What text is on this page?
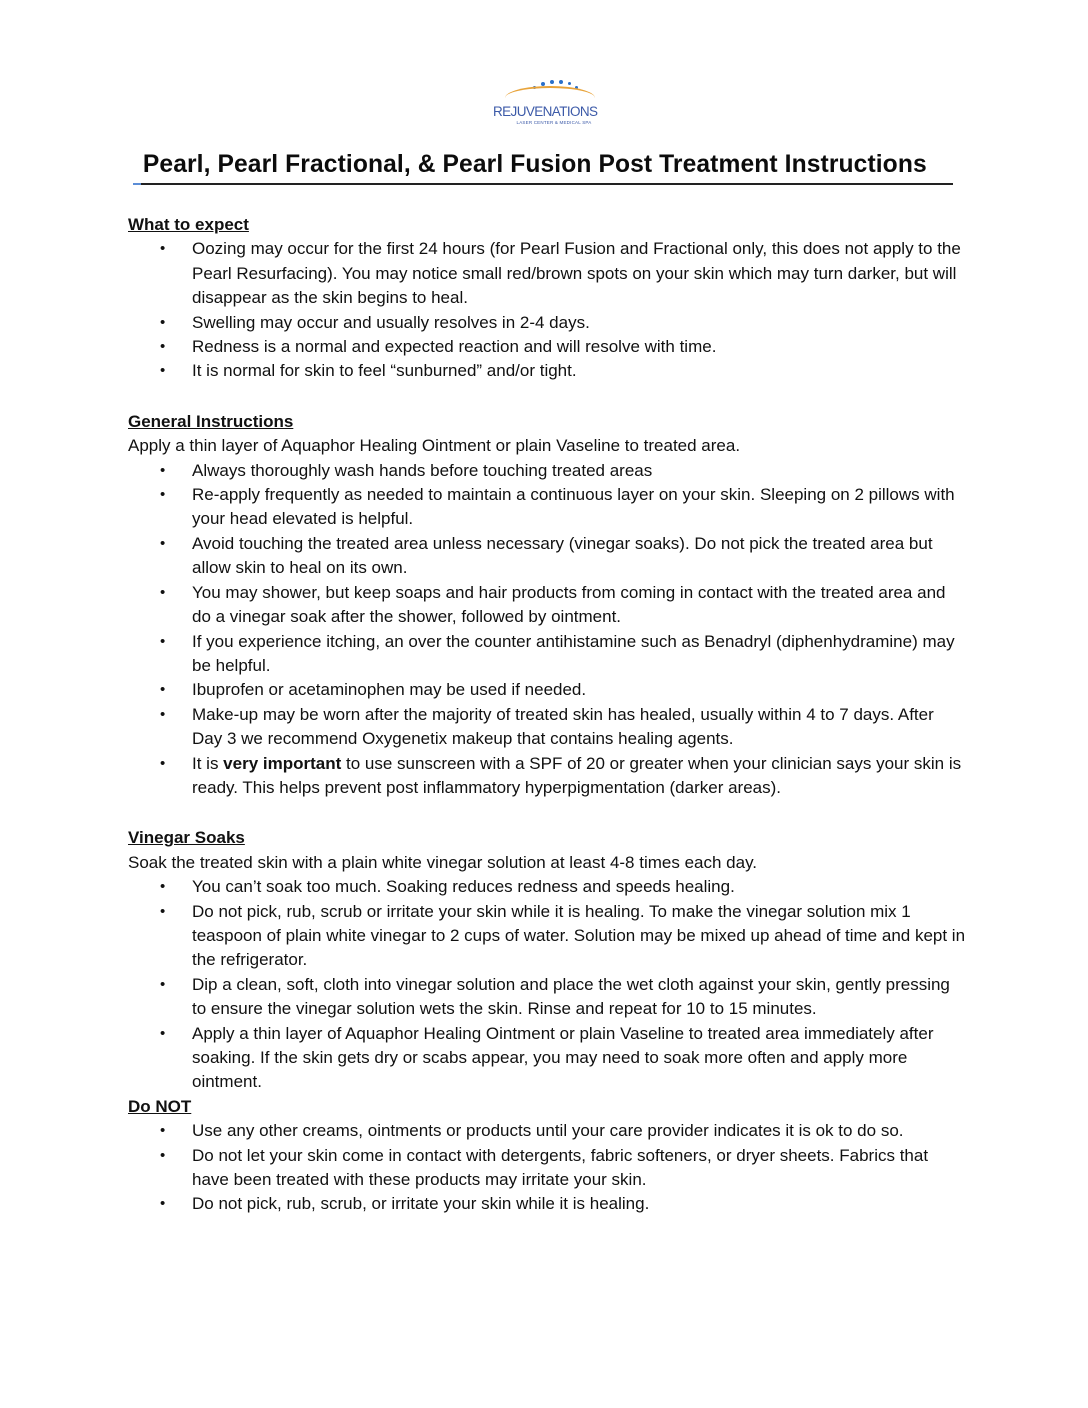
REJUVENATIONS
LASER CENTER & MEDICAL SPA
Pearl, Pearl Fractional, & Pearl Fusion Post Treatment Instructions

What to expect

• Oozing may occur for the first 24 hours (for Pearl Fusion and Fractional only, this does not apply to the Pearl Resurfacing). You may notice small red/brown spots on your skin which may turn darker, but will disappear as the skin begins to heal.
• Swelling may occur and usually resolves in 2-4 days.
• Redness is a normal and expected reaction and will resolve with time.
• It is normal for skin to feel “sunburned” and/or tight.

General Instructions

Apply a thin layer of Aquaphor Healing Ointment or plain Vaseline to treated area.

• Always thoroughly wash hands before touching treated areas
• Re-apply frequently as needed to maintain a continuous layer on your skin. Sleeping on 2 pillows with your head elevated is helpful.
• Avoid touching the treated area unless necessary (vinegar soaks). Do not pick the treated area but allow skin to heal on its own.
• You may shower, but keep soaps and hair products from coming in contact with the treated area and do a vinegar soak after the shower, followed by ointment.
• If you experience itching, an over the counter antihistamine such as Benadryl (diphenhydramine) may be helpful.
• Ibuprofen or acetaminophen may be used if needed.
• Make-up may be worn after the majority of treated skin has healed, usually within 4 to 7 days. After Day 3 we recommend Oxygenetix makeup that contains healing agents.
• It is very important to use sunscreen with a SPF of 20 or greater when your clinician says your skin is ready. This helps prevent post inflammatory hyperpigmentation (darker areas).

Vinegar Soaks

Soak the treated skin with a plain white vinegar solution at least 4-8 times each day.

• You can’t soak too much. Soaking reduces redness and speeds healing.
• Do not pick, rub, scrub or irritate your skin while it is healing. To make the vinegar solution mix 1 teaspoon of plain white vinegar to 2 cups of water. Solution may be mixed up ahead of time and kept in the refrigerator.
• Dip a clean, soft, cloth into vinegar solution and place the wet cloth against your skin, gently pressing to ensure the vinegar solution wets the skin. Rinse and repeat for 10 to 15 minutes.
• Apply a thin layer of Aquaphor Healing Ointment or plain Vaseline to treated area immediately after soaking. If the skin gets dry or scabs appear, you may need to soak more often and apply more ointment.

Do NOT

• Use any other creams, ointments or products until your care provider indicates it is ok to do so.
• Do not let your skin come in contact with detergents, fabric softeners, or dryer sheets. Fabrics that have been treated with these products may irritate your skin.
• Do not pick, rub, scrub, or irritate your skin while it is healing.
